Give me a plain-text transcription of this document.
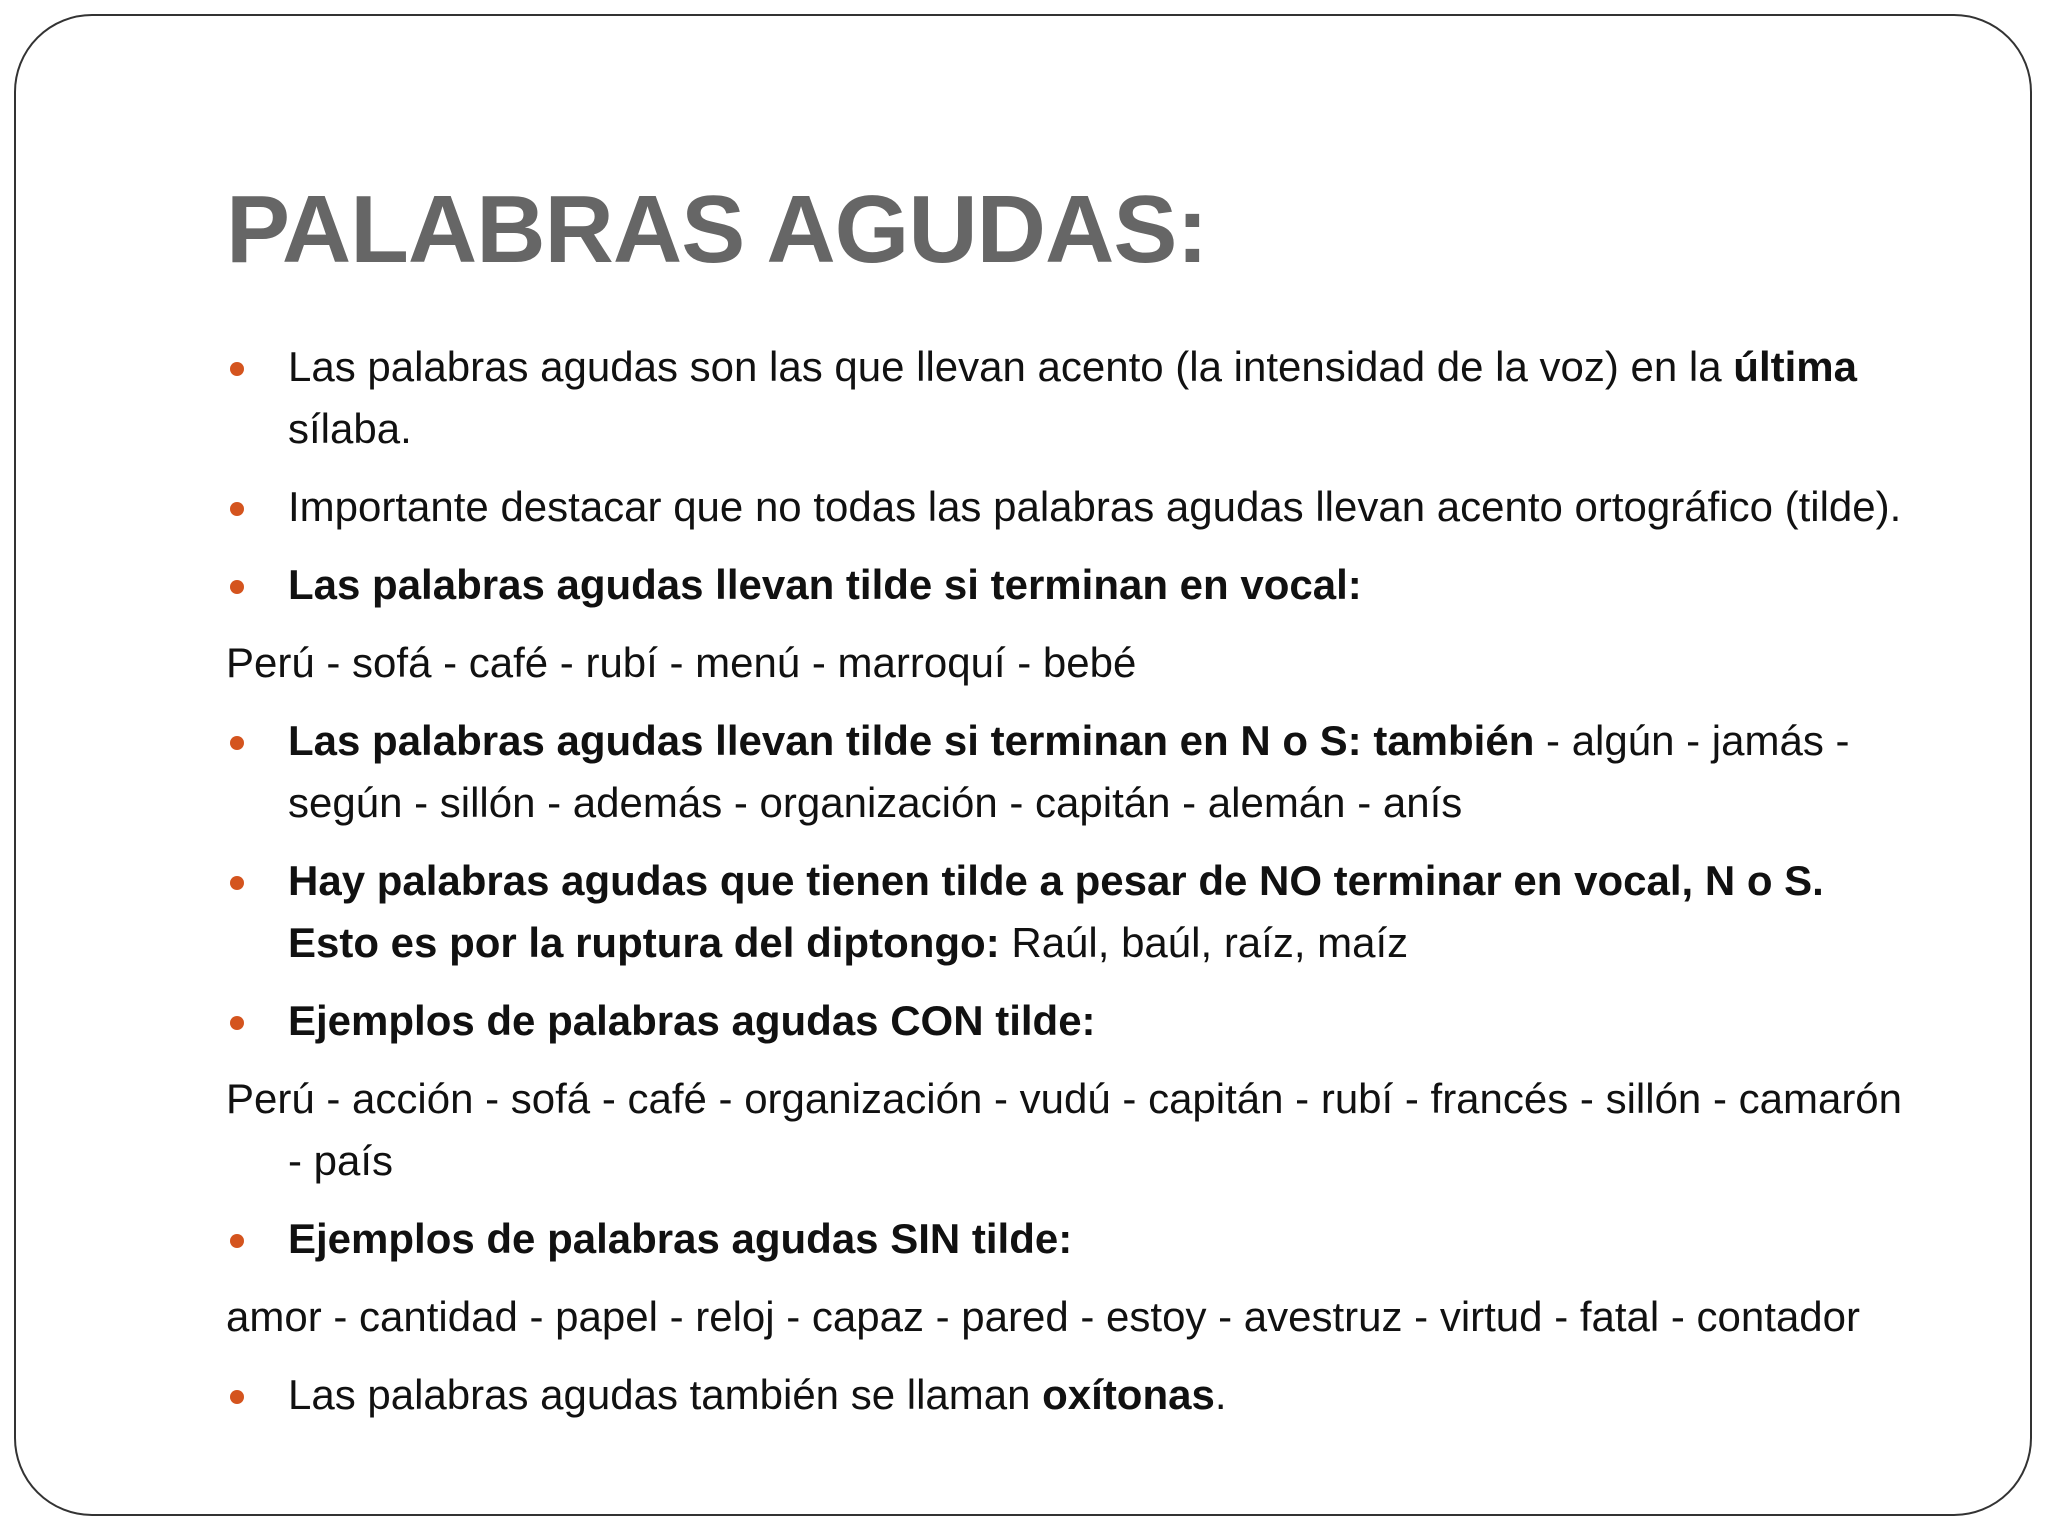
PALABRAS AGUDAS:
Las palabras agudas son las que llevan acento (la intensidad de la voz) en la última sílaba.
Importante destacar que no todas las palabras agudas llevan acento ortográfico (tilde).
Las palabras agudas llevan tilde si terminan en vocal:
Perú - sofá - café - rubí - menú - marroquí - bebé
Las palabras agudas llevan tilde si terminan en N o S: también - algún - jamás - según - sillón - además - organización - capitán - alemán - anís
Hay palabras agudas que tienen tilde a pesar de NO terminar en vocal, N o S. Esto es por la ruptura del diptongo: Raúl, baúl, raíz, maíz
Ejemplos de palabras agudas CON tilde:
Perú - acción - sofá - café - organización - vudú - capitán - rubí - francés - sillón - camarón - país
Ejemplos de palabras agudas SIN tilde:
amor - cantidad - papel - reloj - capaz - pared - estoy - avestruz - virtud - fatal - contador
Las palabras agudas también se llaman oxítonas.
